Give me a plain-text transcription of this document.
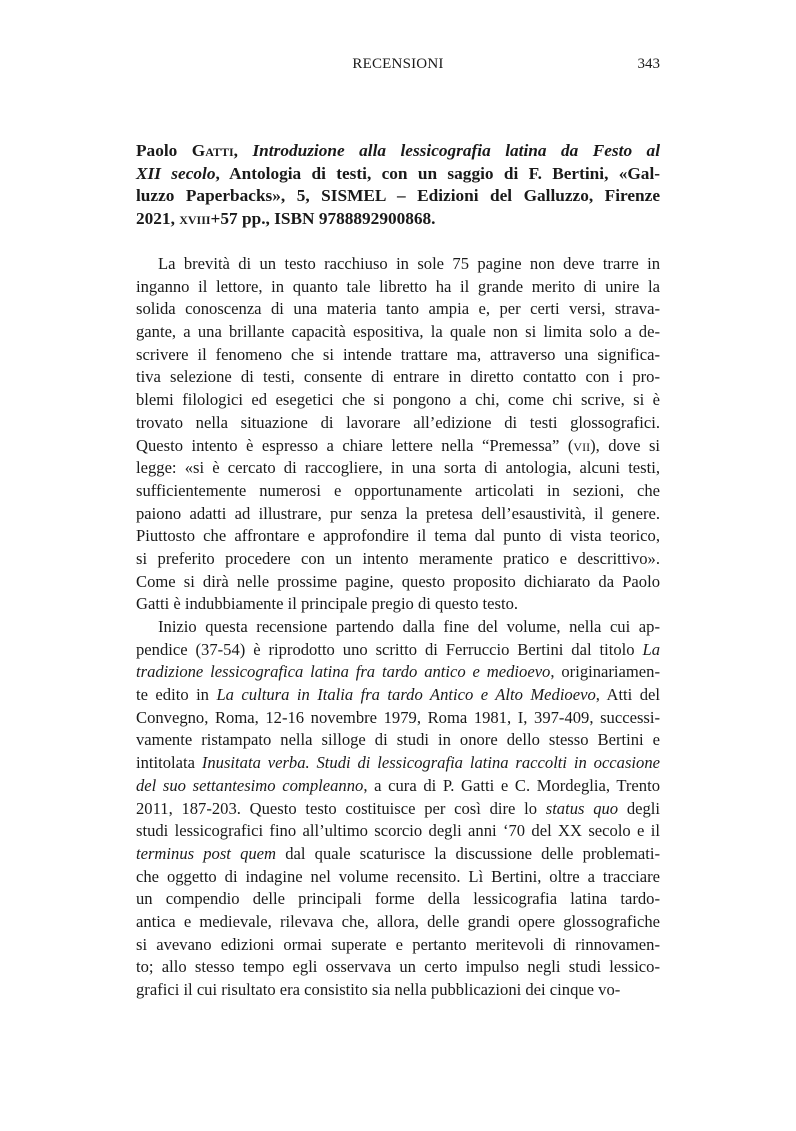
RECENSIONI	343
Paolo Gatti, Introduzione alla lessicografia latina da Festo al
XII secolo, Antologia di testi, con un saggio di F. Bertini, «Gal-
luzzo Paperbacks», 5, SISMEL – Edizioni del Galluzzo, Firenze
2021, xviii+57 pp., ISBN 9788892900868.
La brevità di un testo racchiuso in sole 75 pagine non deve trarre in
inganno il lettore, in quanto tale libretto ha il grande merito di unire la
solida conoscenza di una materia tanto ampia e, per certi versi, strava-
gante, a una brillante capacità espositiva, la quale non si limita solo a de-
scrivere il fenomeno che si intende trattare ma, attraverso una significa-
tiva selezione di testi, consente di entrare in diretto contatto con i pro-
blemi filologici ed esegetici che si pongono a chi, come chi scrive, si è
trovato nella situazione di lavorare all’edizione di testi glossografici.
Questo intento è espresso a chiare lettere nella “Premessa” (vii), dove si
legge: «si è cercato di raccogliere, in una sorta di antologia, alcuni testi,
sufficientemente numerosi e opportunamente articolati in sezioni, che
paiono adatti ad illustrare, pur senza la pretesa dell’esaustività, il genere.
Piuttosto che affrontare e approfondire il tema dal punto di vista teorico,
si preferito procedere con un intento meramente pratico e descrittivo».
Come si dirà nelle prossime pagine, questo proposito dichiarato da Paolo
Gatti è indubbiamente il principale pregio di questo testo.
Inizio questa recensione partendo dalla fine del volume, nella cui ap-
pendice (37-54) è riprodotto uno scritto di Ferruccio Bertini dal titolo La
tradizione lessicografica latina fra tardo antico e medioevo, originariamen-
te edito in La cultura in Italia fra tardo Antico e Alto Medioevo, Atti del
Convegno, Roma, 12-16 novembre 1979, Roma 1981, I, 397-409, successi-
vamente ristampato nella silloge di studi in onore dello stesso Bertini e
intitolata Inusitata verba. Studi di lessicografia latina raccolti in occasione
del suo settantesimo compleanno, a cura di P. Gatti e C. Mordeglia, Trento
2011, 187-203. Questo testo costituisce per così dire lo status quo degli
studi lessicografici fino all’ultimo scorcio degli anni ‘70 del XX secolo e il
terminus post quem dal quale scaturisce la discussione delle problemati-
che oggetto di indagine nel volume recensito. Lì Bertini, oltre a tracciare
un compendio delle principali forme della lessicografia latina tardo-
antica e medievale, rilevava che, allora, delle grandi opere glossografiche
si avevano edizioni ormai superate e pertanto meritevoli di rinnovamen-
to; allo stesso tempo egli osservava un certo impulso negli studi lessico-
grafici il cui risultato era consistito sia nella pubblicazioni dei cinque vo-
